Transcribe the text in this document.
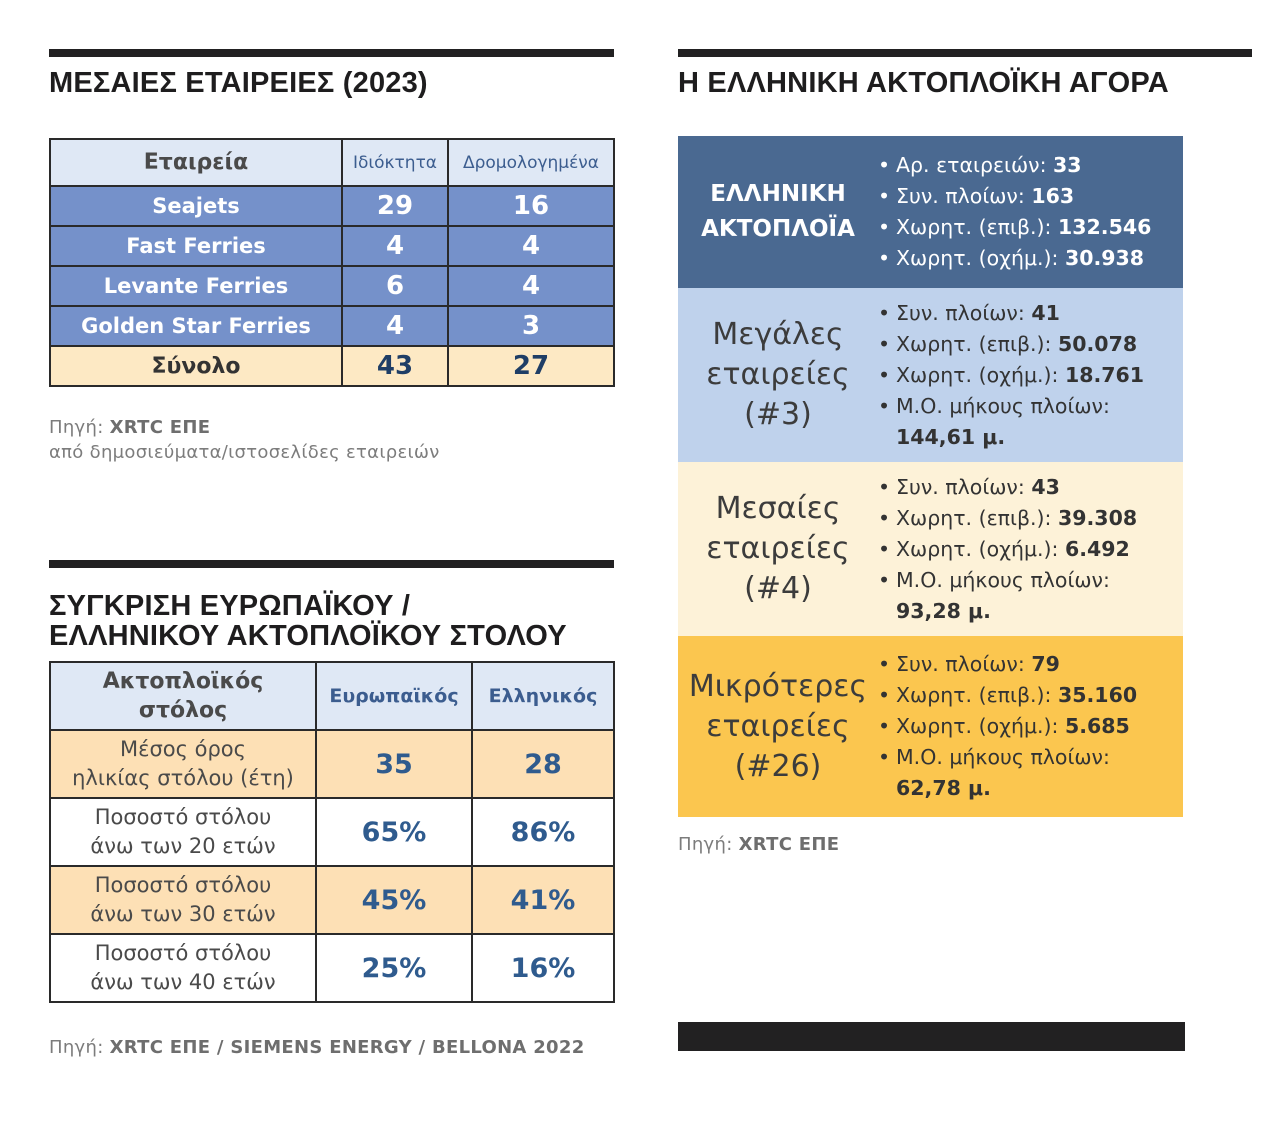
ΜΕΣΑΙΕΣ ΕΤΑΙΡΕΙΕΣ (2023)
Εταιρεία	Ιδιόκτητα	Δρομολογημένα
Seajets	29	16
Fast Ferries	4	4
Levante Ferries	6	4
Golden Star Ferries	4	3
Σύνολο	43	27
Πηγή: XRTC ΕΠΕ
από δημοσιεύματα/ιστοσελίδες εταιρειών
ΣΥΓΚΡΙΣΗ ΕΥΡΩΠΑΪΚΟΥ /
ΕΛΛΗΝΙΚΟΥ ΑΚΤΟΠΛΟΪΚΟΥ ΣΤΟΛΟΥ
Ακτοπλοϊκός
στόλος	Ευρωπαϊκός	Ελληνικός
Μέσος όρος
ηλικίας στόλου (έτη)	35	28
Ποσοστό στόλου
άνω των 20 ετών	65%	86%
Ποσοστό στόλου
άνω των 30 ετών	45%	41%
Ποσοστό στόλου
άνω των 40 ετών	25%	16%
Πηγή: XRTC ΕΠΕ / SIEMENS ENERGY / BELLONA 2022
Η ΕΛΛΗΝΙΚΗ ΑΚΤΟΠΛΟΪΚΗ ΑΓΟΡΑ
ΕΛΛΗΝΙΚΗ
ΑΚΤΟΠΛΟΪΑ
• Αρ. εταιρειών: 33
• Συν. πλοίων: 163
• Χωρητ. (επιβ.): 132.546
• Χωρητ. (οχήμ.): 30.938
Μεγάλες
εταιρείες
(#3)
• Συν. πλοίων: 41
• Χωρητ. (επιβ.): 50.078
• Χωρητ. (οχήμ.): 18.761
• Μ.Ο. μήκους πλοίων:
144,61 μ.
Μεσαίες
εταιρείες
(#4)
• Συν. πλοίων: 43
• Χωρητ. (επιβ.): 39.308
• Χωρητ. (οχήμ.): 6.492
• Μ.Ο. μήκους πλοίων:
93,28 μ.
Μικρότερες
εταιρείες
(#26)
• Συν. πλοίων: 79
• Χωρητ. (επιβ.): 35.160
• Χωρητ. (οχήμ.): 5.685
• Μ.Ο. μήκους πλοίων:
62,78 μ.
Πηγή: XRTC ΕΠΕ
